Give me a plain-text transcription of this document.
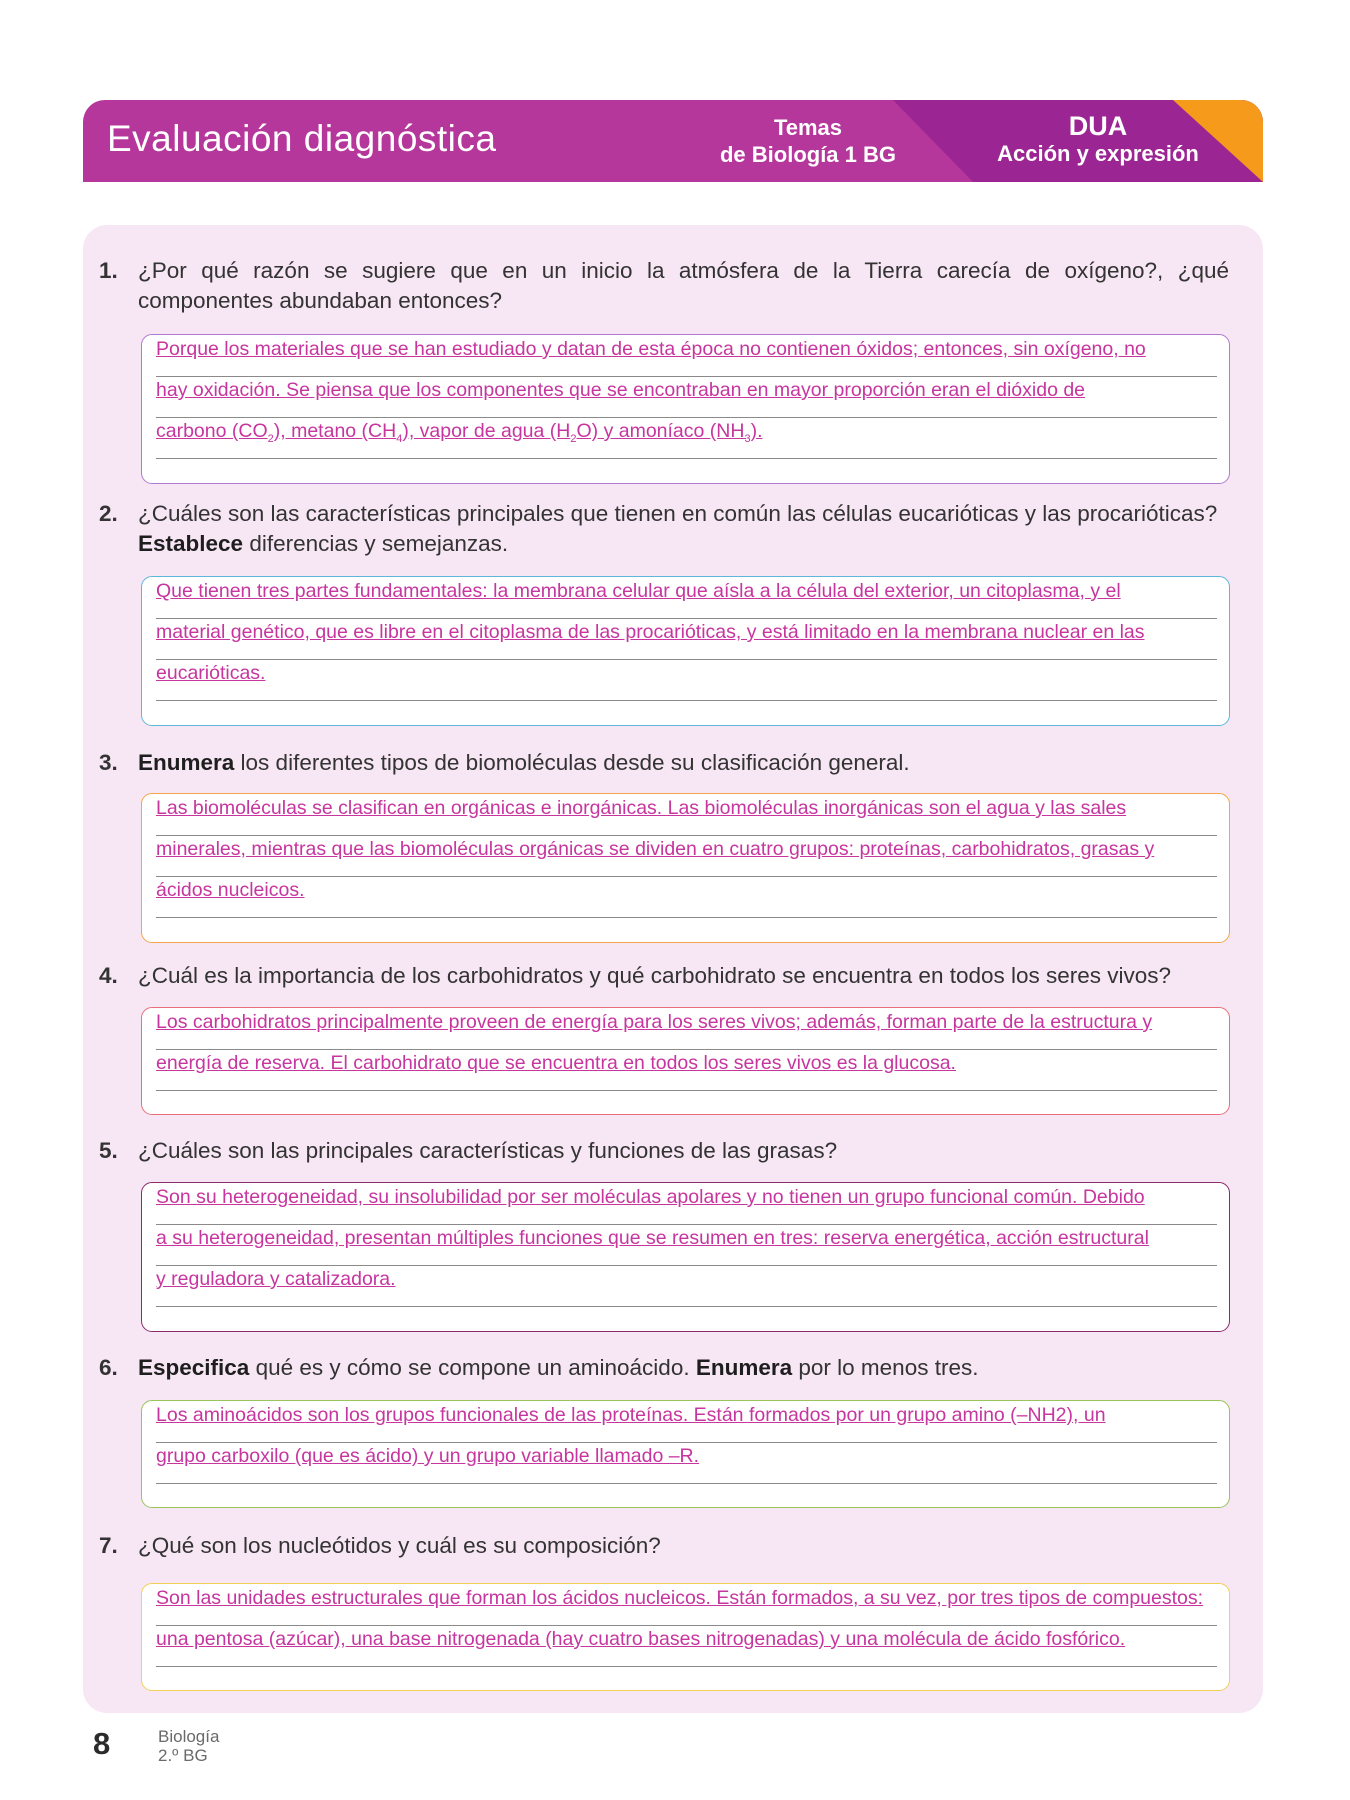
Evaluación diagnóstica	Temas
de Biología 1 BG
DUA
Acción y expresión
1. ¿Por qué razón se sugiere que en un inicio la atmósfera de la Tierra carecía de oxígeno?, ¿qué componentes abundaban entonces?
Porque los materiales que se han estudiado y datan de esta época no contienen óxidos; entonces, sin oxígeno, no
hay oxidación. Se piensa que los componentes que se encontraban en mayor proporción eran el dióxido de
carbono $(CO_2)$, metano $(CH_4)$, vapor de agua $(H_2O)$ y amoníaco $(NH_3)$.
2. ¿Cuáles son las características principales que tienen en común las células eucarióticas y las procarióticas?
Establece diferencias y semejanzas.
Que tienen tres partes fundamentales: la membrana celular que aísla a la célula del exterior, un citoplasma, y el
material genético, que es libre en el citoplasma de las procarióticas, y está limitado en la membrana nuclear en las
eucarióticas.
3. Enumera los diferentes tipos de biomoléculas desde su clasificación general.
Las biomoléculas se clasifican en orgánicas e inorgánicas. Las biomoléculas inorgánicas son el agua y las sales
minerales, mientras que las biomoléculas orgánicas se dividen en cuatro grupos: proteínas, carbohidratos, grasas y
ácidos nucleicos.
4. ¿Cuál es la importancia de los carbohidratos y qué carbohidrato se encuentra en todos los seres vivos?
Los carbohidratos principalmente proveen de energía para los seres vivos; además, forman parte de la estructura y
energía de reserva. El carbohidrato que se encuentra en todos los seres vivos es la glucosa.
5. ¿Cuáles son las principales características y funciones de las grasas?
Son su heterogeneidad, su insolubilidad por ser moléculas apolares y no tienen un grupo funcional común. Debido
a su heterogeneidad, presentan múltiples funciones que se resumen en tres: reserva energética, acción estructural
y reguladora y catalizadora.
6. Especifica qué es y cómo se compone un aminoácido. Enumera por lo menos tres.
Los aminoácidos son los grupos funcionales de las proteínas. Están formados por un grupo amino (–NH2), un
grupo carboxilo (que es ácido) y un grupo variable llamado –R.
7. ¿Qué son los nucleótidos y cuál es su composición?
Son las unidades estructurales que forman los ácidos nucleicos. Están formados, a su vez, por tres tipos de compuestos:
una pentosa (azúcar), una base nitrogenada (hay cuatro bases nitrogenadas) y una molécula de ácido fosfórico.
8	Biología
2.º BG
